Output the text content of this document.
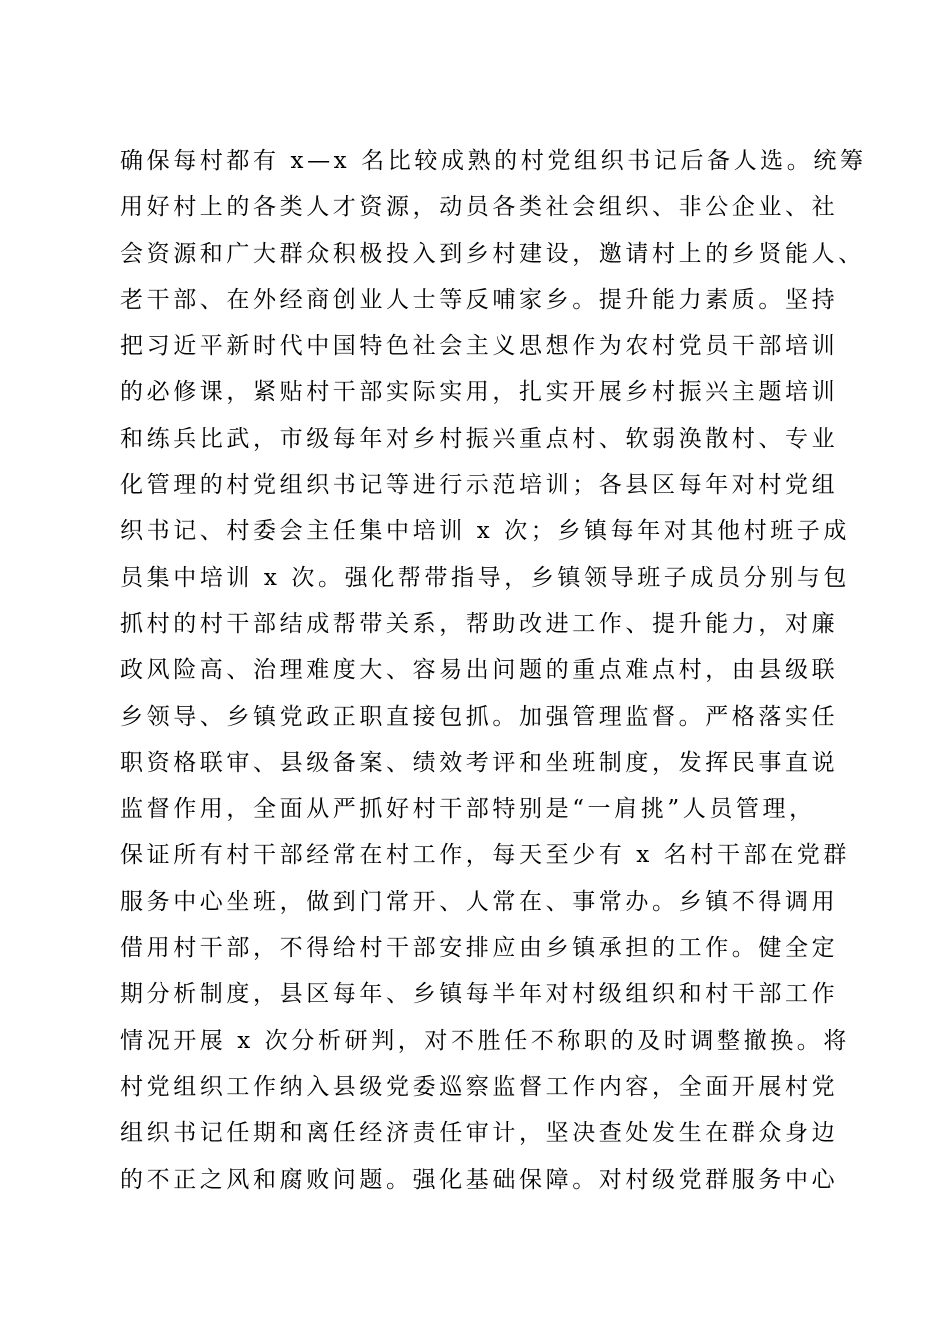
确保每村都有 x—x 名比较成熟的村党组织书记后备人选。统筹
用好村上的各类人才资源，动员各类社会组织、非公企业、社
会资源和广大群众积极投入到乡村建设，邀请村上的乡贤能人、
老干部、在外经商创业人士等反哺家乡。提升能力素质。坚持
把习近平新时代中国特色社会主义思想作为农村党员干部培训
的必修课，紧贴村干部实际实用，扎实开展乡村振兴主题培训
和练兵比武，市级每年对乡村振兴重点村、软弱涣散村、专业
化管理的村党组织书记等进行示范培训；各县区每年对村党组
织书记、村委会主任集中培训 x 次；乡镇每年对其他村班子成
员集中培训 x 次。强化帮带指导，乡镇领导班子成员分别与包
抓村的村干部结成帮带关系，帮助改进工作、提升能力，对廉
政风险高、治理难度大、容易出问题的重点难点村，由县级联
乡领导、乡镇党政正职直接包抓。加强管理监督。严格落实任
职资格联审、县级备案、绩效考评和坐班制度，发挥民事直说
监督作用，全面从严抓好村干部特别是“一肩挑”人员管理，
保证所有村干部经常在村工作，每天至少有 x 名村干部在党群
服务中心坐班，做到门常开、人常在、事常办。乡镇不得调用
借用村干部，不得给村干部安排应由乡镇承担的工作。健全定
期分析制度，县区每年、乡镇每半年对村级组织和村干部工作
情况开展 x 次分析研判，对不胜任不称职的及时调整撤换。将
村党组织工作纳入县级党委巡察监督工作内容，全面开展村党
组织书记任期和离任经济责任审计，坚决查处发生在群众身边
的不正之风和腐败问题。强化基础保障。对村级党群服务中心
